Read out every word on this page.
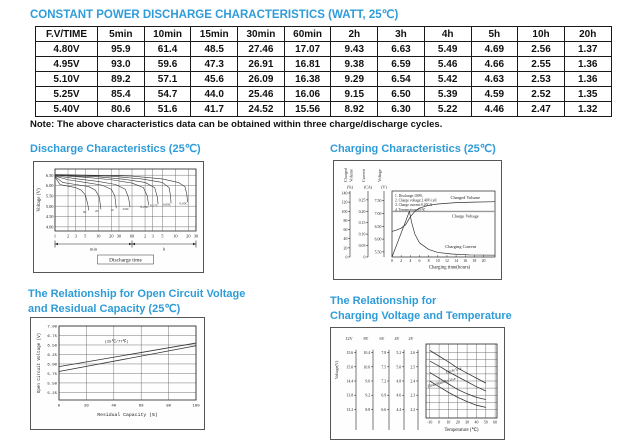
CONSTANT POWER DISCHARGE CHARACTERISTICS (WATT, 25℃)
F.V/TIME	5min	10min	15min	30min	60min	2h	3h	4h	5h	10h	20h
4.80V	95.9	61.4	48.5	27.46	17.07	9.43	6.63	5.49	4.69	2.56	1.37
4.95V	93.0	59.6	47.3	26.91	16.81	9.38	6.59	5.46	4.66	2.55	1.36
5.10V	89.2	57.1	45.6	26.09	16.38	9.29	6.54	5.42	4.63	2.53	1.36
5.25V	85.4	54.7	44.0	25.46	16.06	9.15	6.50	5.39	4.59	2.52	1.35
5.40V	80.6	51.6	41.7	24.52	15.56	8.92	6.30	5.22	4.46	2.47	1.32
Note: The above characteristics data can be obtained within three charge/discharge cycles.
Discharge Characteristics (25℃)	Charging Characteristics (25℃)
4.00
4.50
5.00
5.50
6.00
6.50
Voltage (V)
1 2 3 5 10 20 30 60 2 3 5 10 20 30
min	h
Discharge time
3C 2C	1C	0.6C
0.25C 0.17C 0.09C 0.05C
Charged Volume
(%)
0
20
40
60
80
100
120
140
Current
(CA)
0
0.05
0.10
0.15
0.20
0.25
Voltage
(V)
5.50
6.00
6.50
7.00
7.50
0 2 4 6 8 10 12 14 16 18 20
Charging time(hours)
1. Discharge:100%
2. Charge voltage:2.40V/cell
3. Charge current:0.20CA
4. Temperature:25℃
Charged Volume
Charge Voltage
Charging Current
The Relationship for Open Circuit Voltage
and Residual Capacity (25℃)
The Relationship for
Charging Voltage and Temperature
7.00
6.75
6.50
6.25
6.00
5.75
5.50
5.25
Open Circuit Voltage (V)
0	20	40	60	80	100
Residual Capacity (%)
(25℃/77℉)
-10 0 10 20 30 40 50 60
Temperature (℃)
Voltage(V)
12V
15.6
15.0
14.4
13.8
13.2
8V
10.4
10.0
9.6
9.2
8.8
6V
7.8
7.5
7.2
6.9
6.6
4V
5.2
5.0
4.8
4.6
4.4
2V
2.6
2.5
2.4
2.3
2.2
Cycle Use
Float/Standby Use
